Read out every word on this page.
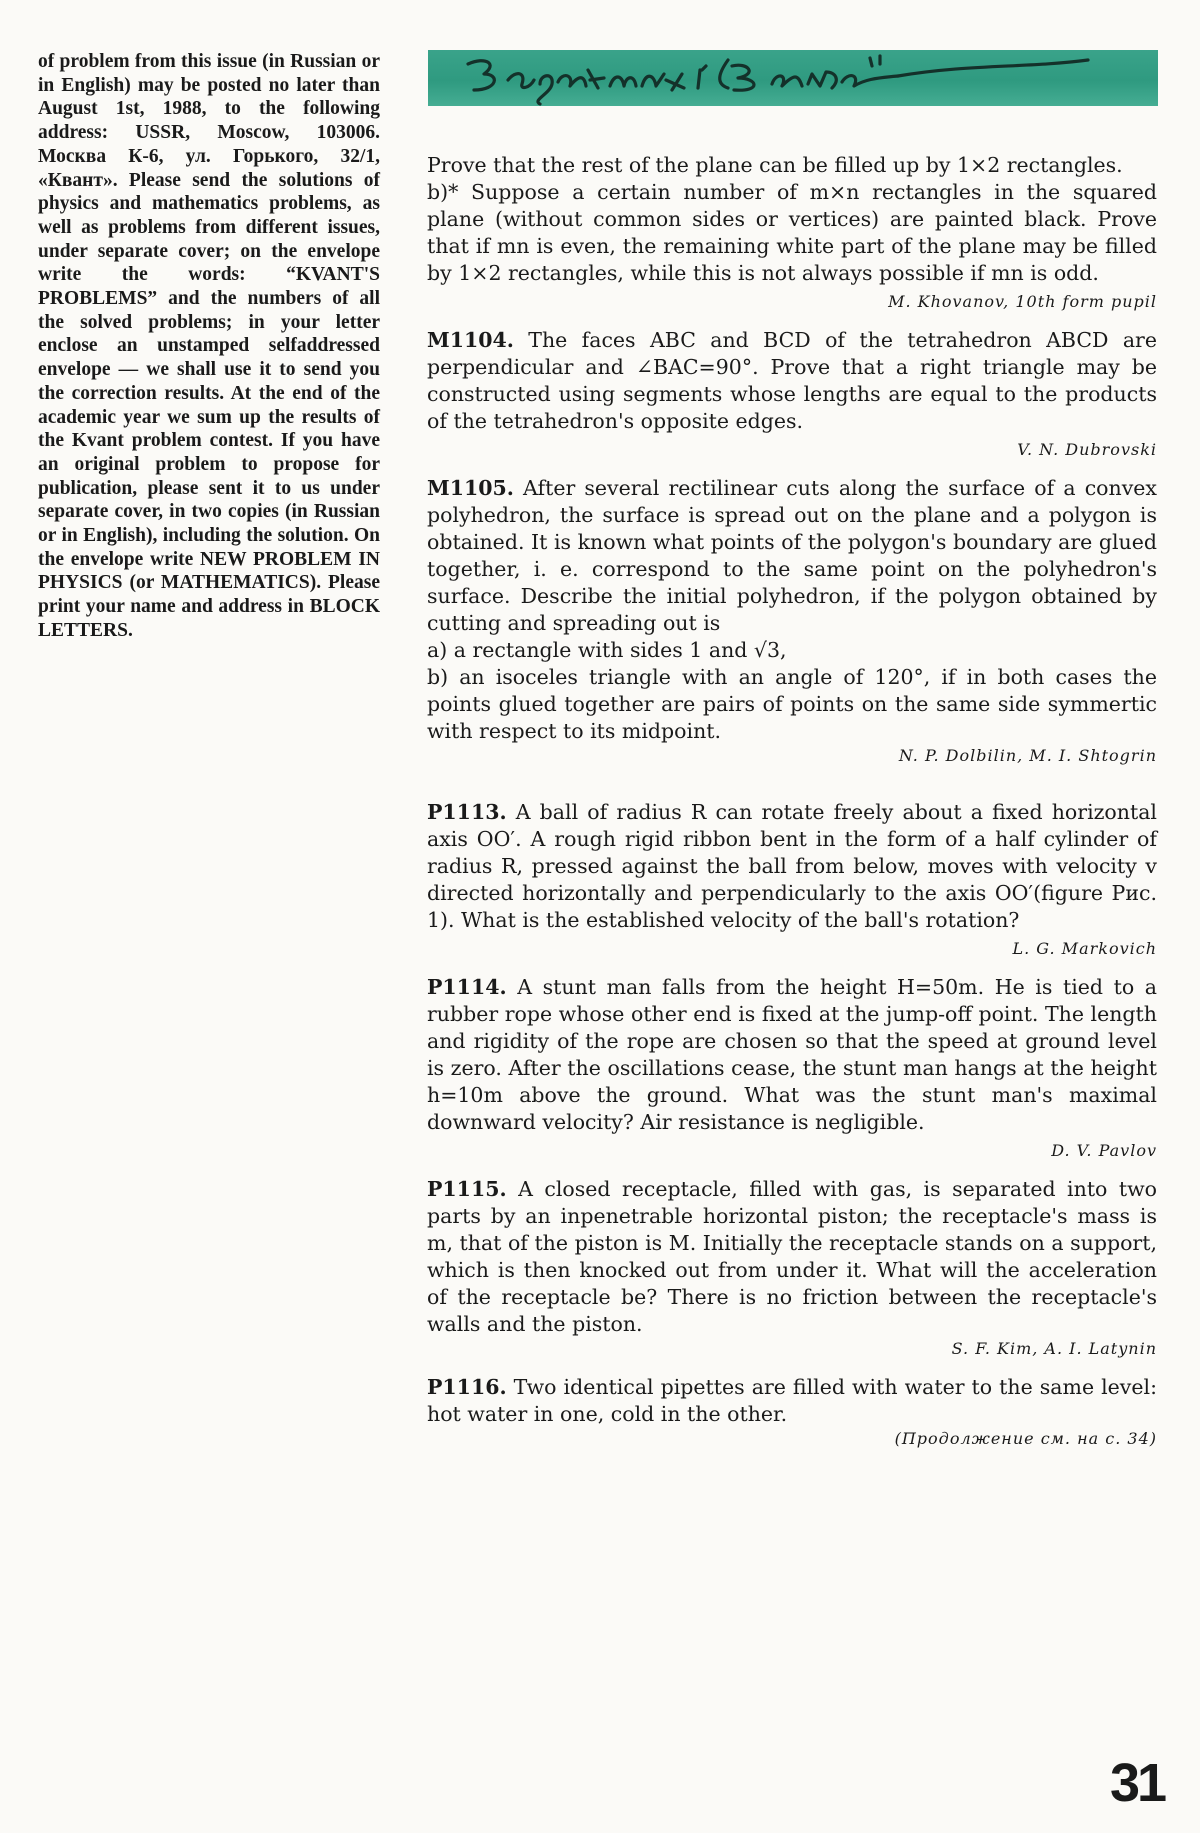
of problem from this issue (in Russian or in English) may be posted no later than August 1st, 1988, to the following address: USSR, Moscow, 103006. Москва К-6, ул. Горького, 32/1, «Квант». Please send the solutions of physics and mathematics problems, as well as problems from different issues, under separate cover; on the envelope write the words: “KVANT'S PROBLEMS” and the numbers of all the solved problems; in your letter enclose an unstamped selfaddressed envelope — we shall use it to send you the correction results. At the end of the academic year we sum up the results of the Kvant problem contest. If you have an original problem to propose for publication, please sent it to us under separate cover, in two copies (in Russian or in English), including the solution. On the envelope write NEW PROBLEM IN PHYSICS (or MATHEMATICS). Please print your name and address in BLOCK LETTERS.

Prove that the rest of the plane can be filled up by 1×2 rectangles.

b)* Suppose a certain number of m×n rectangles in the squared plane (without common sides or vertices) are painted black. Prove that if mn is even, the remaining white part of the plane may be filled by 1×2 rectangles, while this is not always possible if mn is odd.

M. Khovanov, 10th form pupil

M1104. The faces ABC and BCD of the tetrahedron ABCD are perpendicular and ∠BAC=90°. Prove that a right triangle may be constructed using segments whose lengths are equal to the products of the tetrahedron's opposite edges.

V. N. Dubrovski

M1105. After several rectilinear cuts along the surface of a convex polyhedron, the surface is spread out on the plane and a polygon is obtained. It is known what points of the polygon's boundary are glued together, i. e. correspond to the same point on the polyhedron's surface. Describe the initial polyhedron, if the polygon obtained by cutting and spreading out is

a) a rectangle with sides 1 and √3,

b) an isoceles triangle with an angle of 120°, if in both cases the points glued together are pairs of points on the same side symmertic with respect to its midpoint.

N. P. Dolbilin, M. I. Shtogrin

P1113. A ball of radius R can rotate freely about a fixed horizontal axis OO′. A rough rigid ribbon bent in the form of a half cylinder of radius R, pressed against the ball from below, moves with velocity v directed horizontally and perpendicularly to the axis OO′(figure Рис. 1). What is the established velocity of the ball's rotation?

L. G. Markovich

P1114. A stunt man falls from the height H=50m. He is tied to a rubber rope whose other end is fixed at the jump-off point. The length and rigidity of the rope are chosen so that the speed at ground level is zero. After the oscillations cease, the stunt man hangs at the height h=10m above the ground. What was the stunt man's maximal downward velocity? Air resistance is negligible.

D. V. Pavlov

P1115. A closed receptacle, filled with gas, is separated into two parts by an inpenetrable horizontal piston; the receptacle's mass is m, that of the piston is M. Initially the receptacle stands on a support, which is then knocked out from under it. What will the acceleration of the receptacle be? There is no friction between the receptacle's walls and the piston.

S. F. Kim, A. I. Latynin

P1116. Two identical pipettes are filled with water to the same level: hot water in one, cold in the other.

(Продолжение см. на с. 34)

31
